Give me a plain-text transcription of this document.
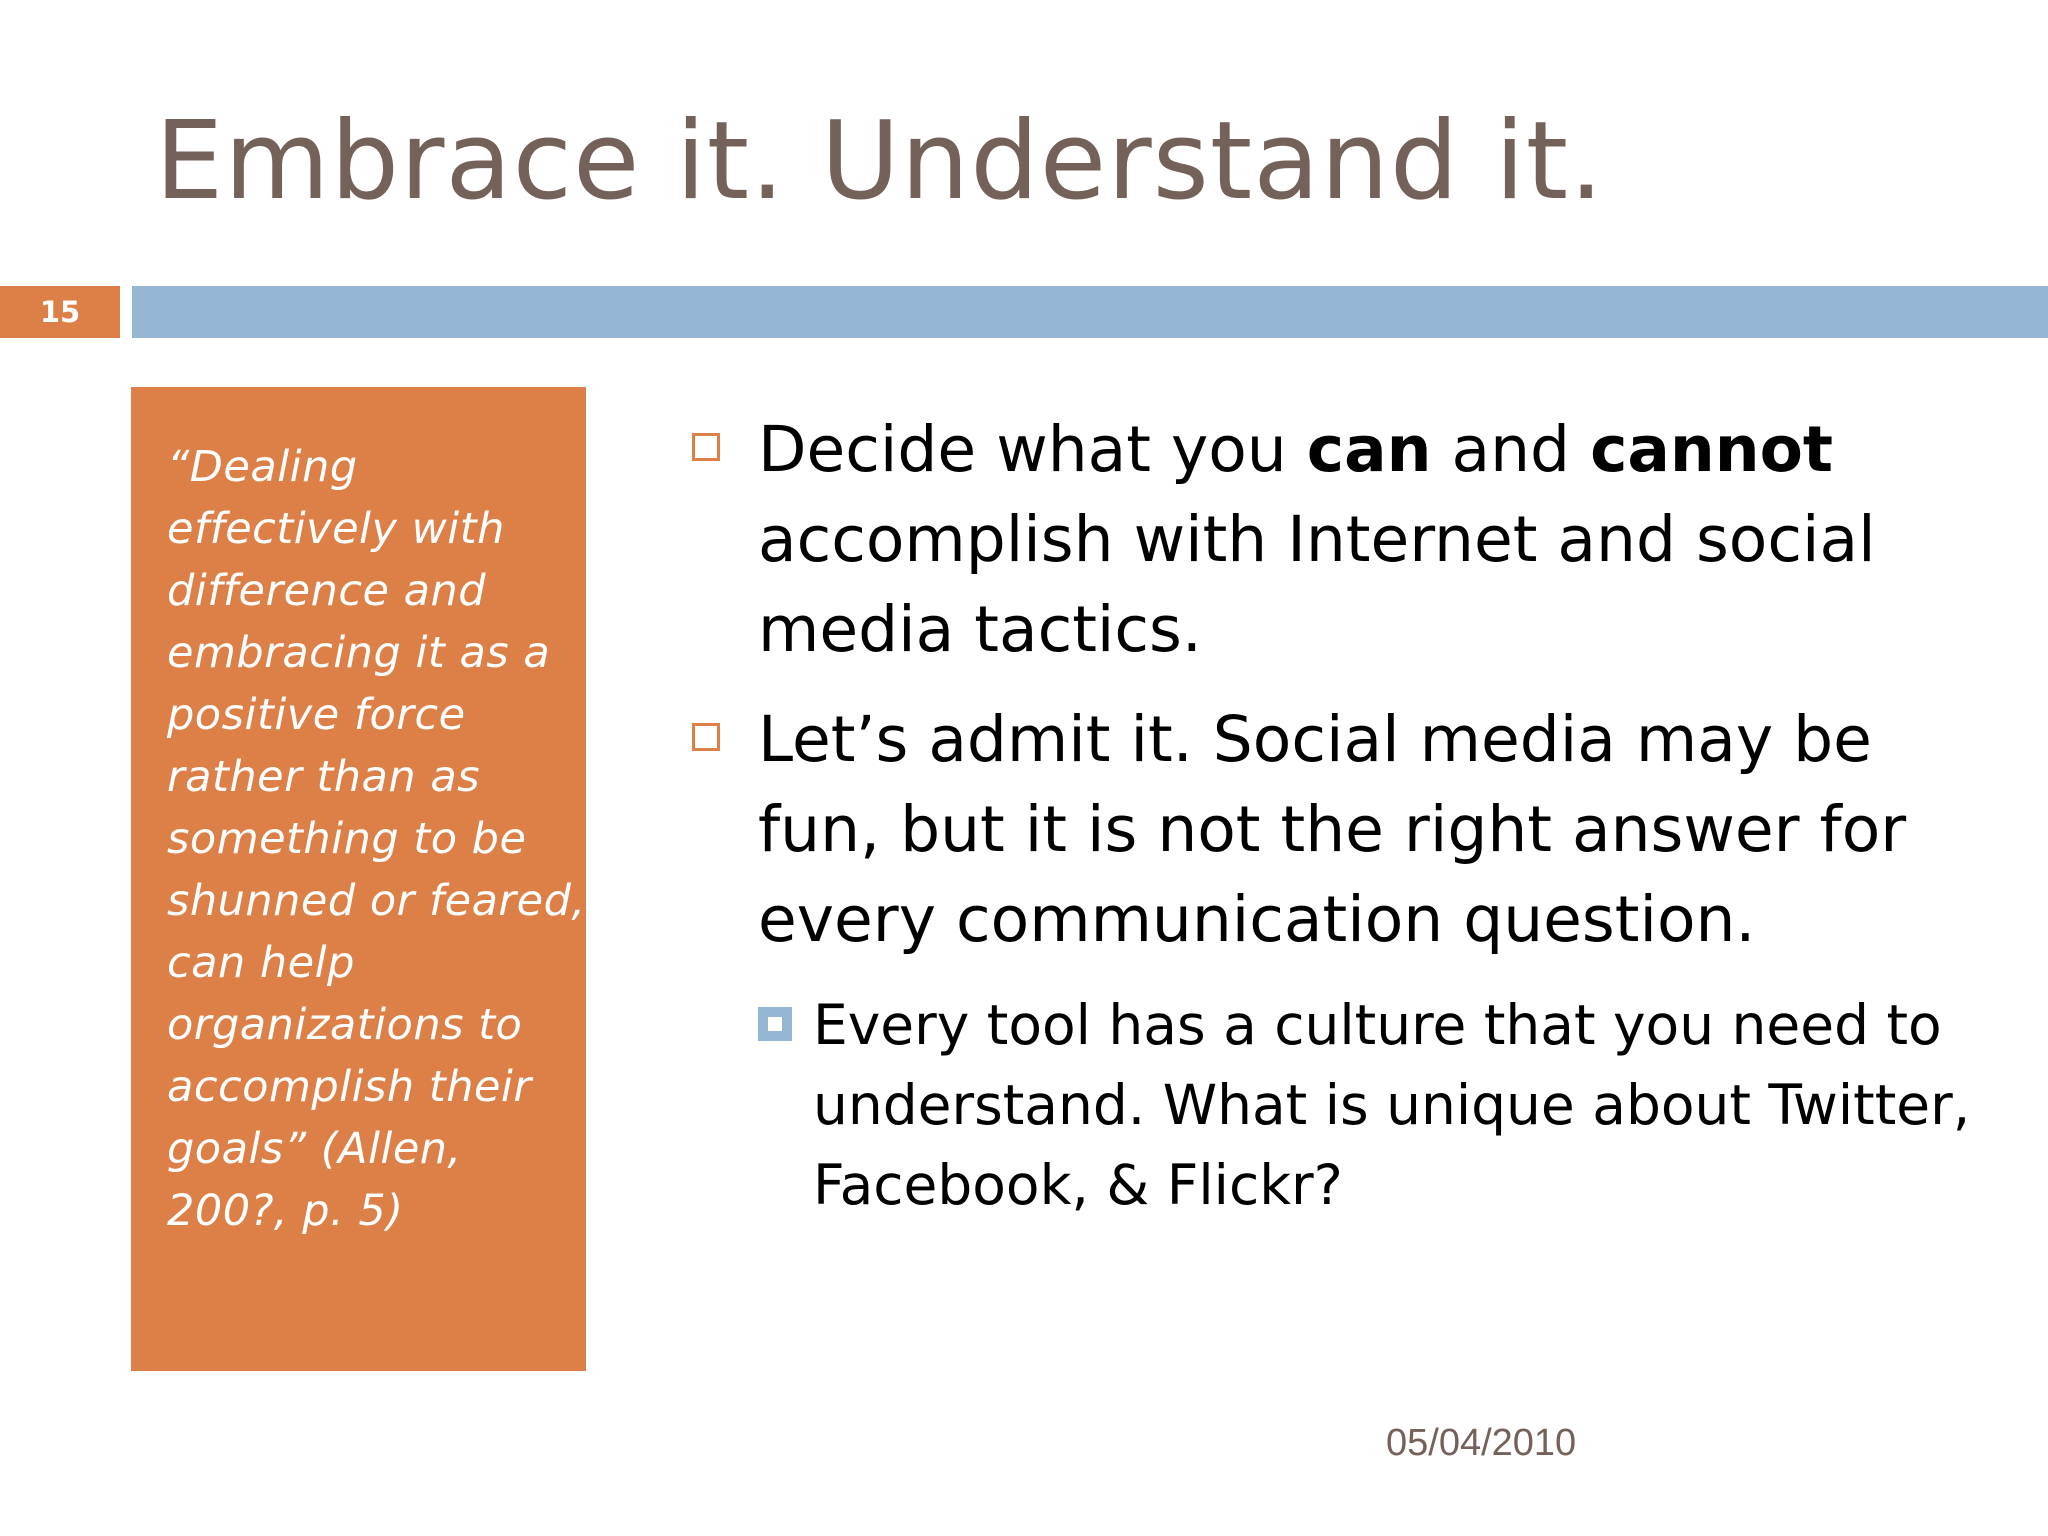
Embrace it. Understand it.
15

“Dealing effectively with difference and embracing it as a positive force rather than as something to be shunned or feared, can help organizations to accomplish their goals” (Allen, 200?, p. 5)

Decide what you can and cannot accomplish with Internet and social media tactics.
Let’s admit it. Social media may be fun, but it is not the right answer for every communication question.
Every tool has a culture that you need to understand. What is unique about Twitter, Facebook, & Flickr?
05/04/2010
